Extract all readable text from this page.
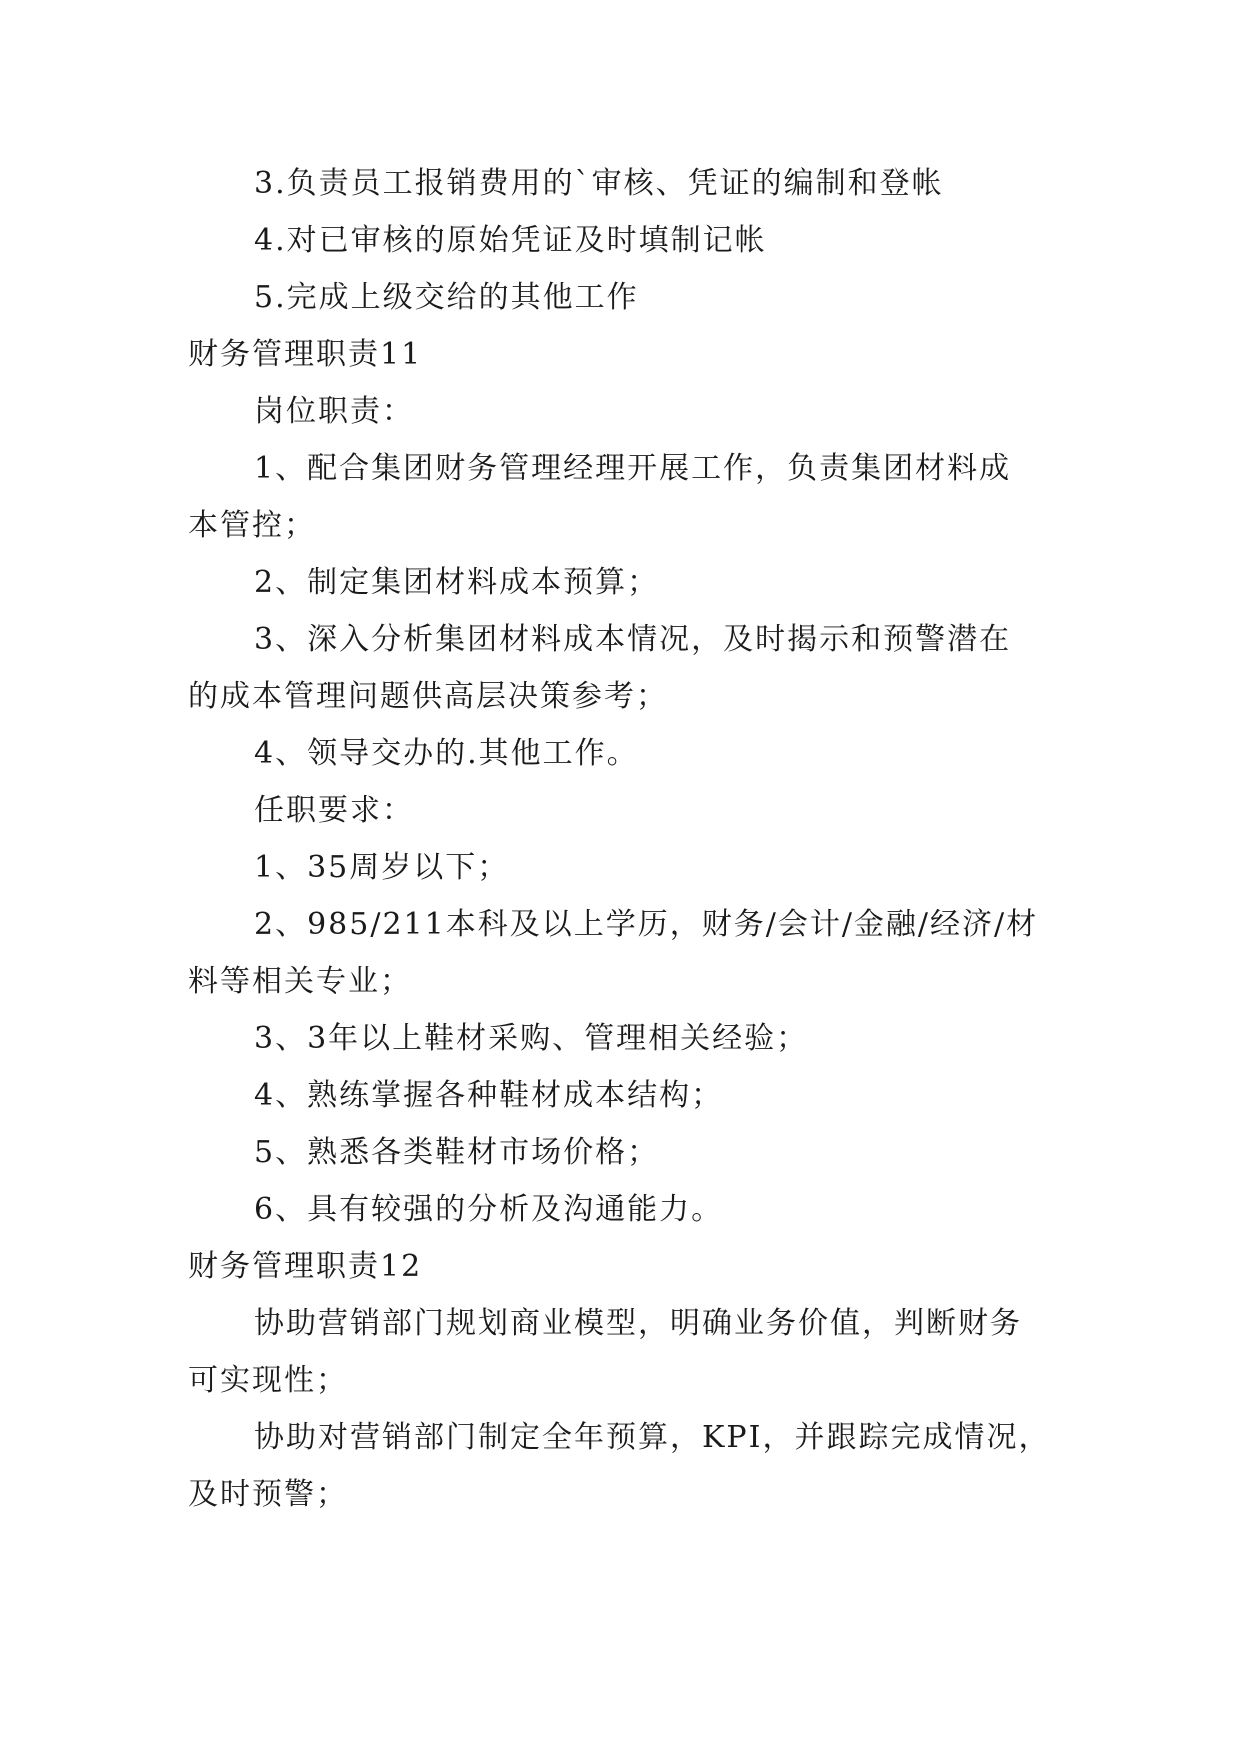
3.负责员工报销费用的`审核、凭证的编制和登帐
4.对已审核的原始凭证及时填制记帐
5.完成上级交给的其他工作
财务管理职责11
岗位职责：
1、配合集团财务管理经理开展工作，负责集团材料成
本管控；
2、制定集团材料成本预算；
3、深入分析集团材料成本情况，及时揭示和预警潜在
的成本管理问题供高层决策参考；
4、领导交办的.其他工作。
任职要求：
1、35周岁以下；
2、985/211本科及以上学历，财务/会计/金融/经济/材
料等相关专业；
3、3年以上鞋材采购、管理相关经验；
4、熟练掌握各种鞋材成本结构；
5、熟悉各类鞋材市场价格；
6、具有较强的分析及沟通能力。
财务管理职责12
协助营销部门规划商业模型，明确业务价值，判断财务
可实现性；
协助对营销部门制定全年预算，KPI，并跟踪完成情况，
及时预警；
